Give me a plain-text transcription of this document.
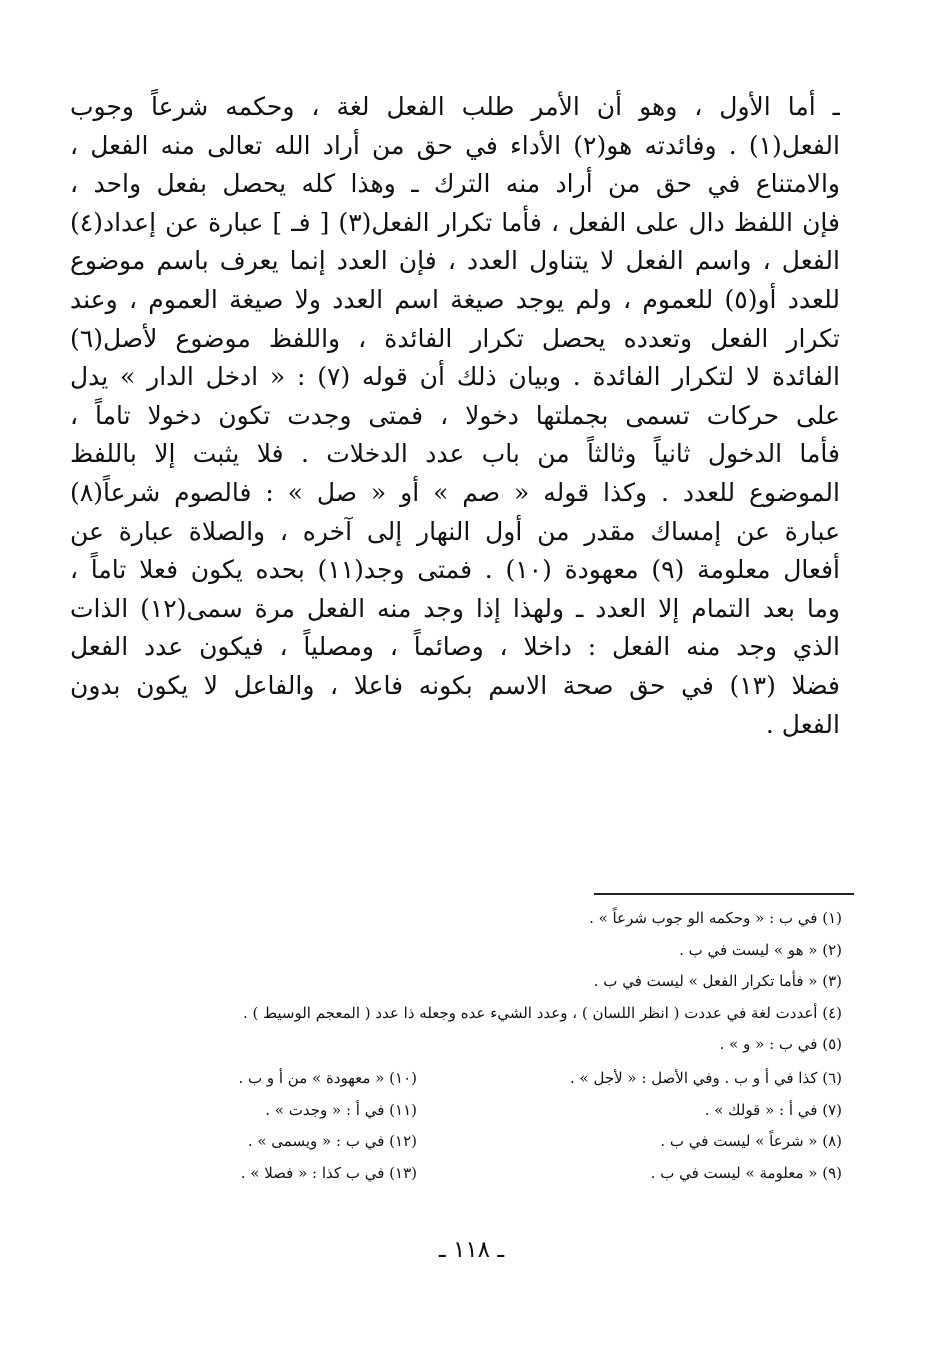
ـ أما الأول ، وهو أن الأمر طلب الفعل لغة ، وحكمه شرعاً وجوب
الفعل(١) . وفائدته هو(٢) الأداء في حق من أراد الله تعالى منه الفعل ،
والامتناع في حق من أراد منه الترك ـ وهذا كله يحصل بفعل واحد ،
فإن اللفظ دال على الفعل ، فأما تكرار الفعل(٣) [ فـ ] عبارة عن إعداد(٤)
الفعل ، واسم الفعل لا يتناول العدد ، فإن العدد إنما يعرف باسم موضوع
للعدد أو(٥) للعموم ، ولم يوجد صيغة اسم العدد ولا صيغة العموم ، وعند
تكرار الفعل وتعدده يحصل تكرار الفائدة ، واللفظ موضوع لأصل(٦)
الفائدة لا لتكرار الفائدة . وبيان ذلك أن قوله (٧) : « ادخل الدار » يدل
على حركات تسمى بجملتها دخولا ، فمتى وجدت تكون دخولا تاماً ،
فأما الدخول ثانياً وثالثاً من باب عدد الدخلات . فلا يثبت إلا باللفظ
الموضوع للعدد . وكذا قوله « صم » أو « صل » : فالصوم شرعاً(٨)
عبارة عن إمساك مقدر من أول النهار إلى آخره ، والصلاة عبارة عن
أفعال معلومة (٩) معهودة (١٠) . فمتى وجد(١١) بحده يكون فعلا تاماً ،
وما بعد التمام إلا العدد ـ ولهذا إذا وجد منه الفعل مرة سمى(١٢) الذات
الذي وجد منه الفعل : داخلا ، وصائماً ، ومصلياً ، فيكون عدد الفعل
فضلا (١٣) في حق صحة الاسم بكونه فاعلا ، والفاعل لا يكون بدون
الفعل .
(١) في ب : « وحكمه الو جوب شرعاً » .
(٢) « هو » ليست في ب .
(٣) « فأما تكرار الفعل » ليست في ب .
(٤) أعددت لغة في عددت ( انظر اللسان ) ، وعدد الشيء عده وجعله ذا عدد ( المعجم الوسيط ) .
(٥) في ب : « و » .
(٦) كذا في أ و ب . وفي الأصل : « لأجل » .
(١٠) « معهودة » من أ و ب .
(٧) في أ : « قولك » .
(١١) في أ : « وجدت » .
(٨) « شرعاً » ليست في ب .
(١٢) في ب : « ويسمى » .
(٩) « معلومة » ليست في ب .
(١٣) في ب كذا : « فصلا » .
ـ ١١٨ ـ
